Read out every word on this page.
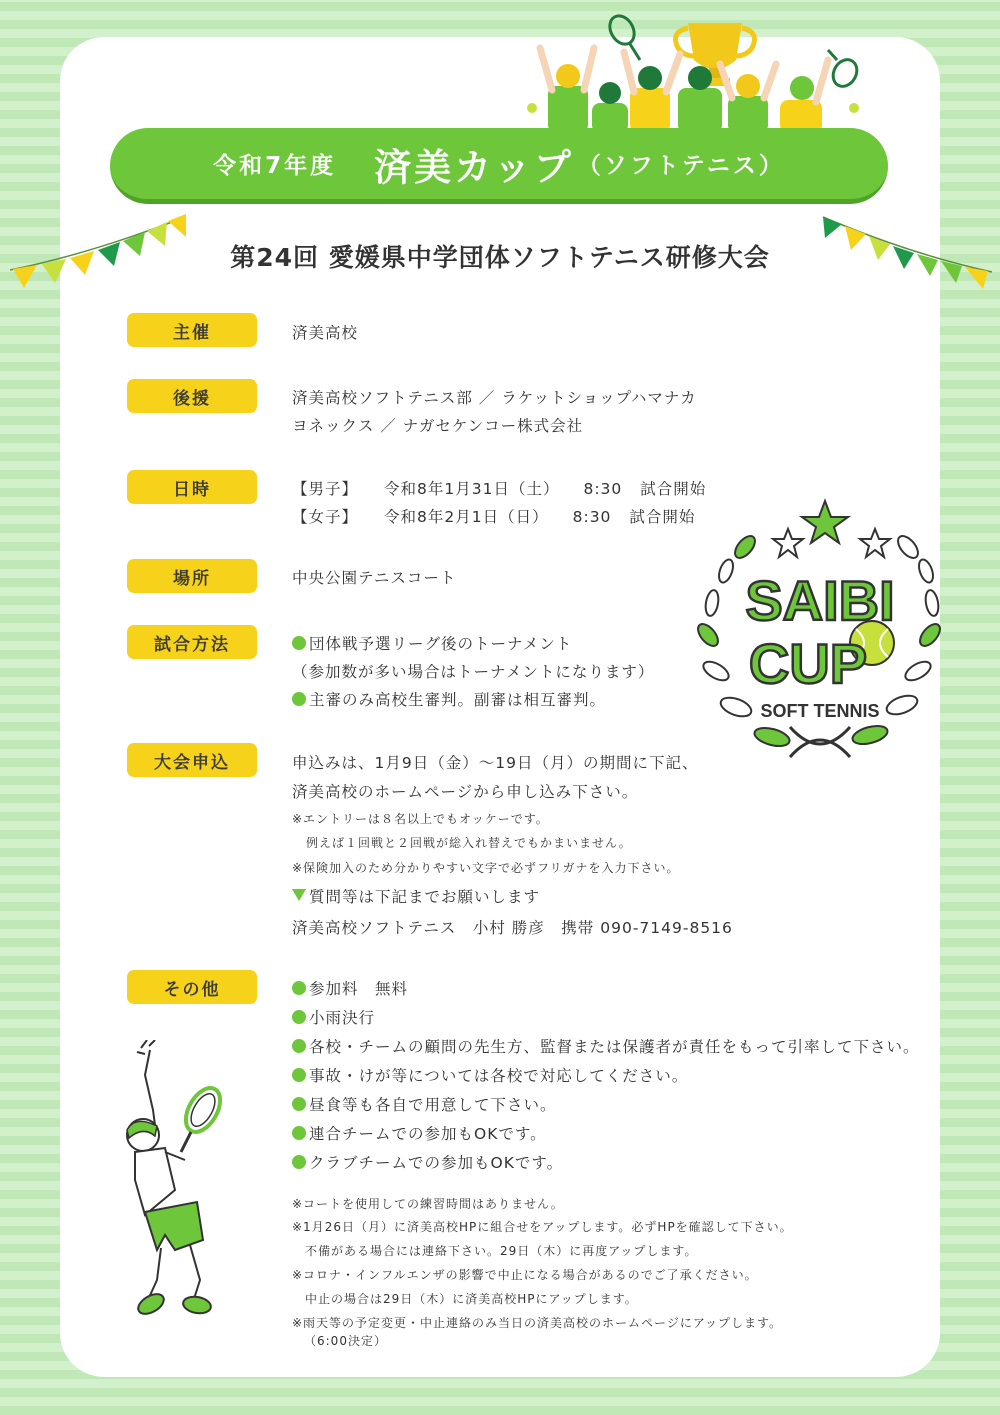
令和7年度 済美カップ （ソフトテニス）
第24回 愛媛県中学団体ソフトテニス研修大会
主催	済美高校
後援	済美高校ソフトテニス部 ／ ラケットショップハマナカ
ヨネックス ／ ナガセケンコー株式会社
日時	【男子】 令和8年1月31日（土） 8:30 試合開始
【女子】 令和8年2月1日（日） 8:30 試合開始
場所	中央公園テニスコート
試合方法	団体戦予選リーグ後のトーナメント
（参加数が多い場合はトーナメントになります）
主審のみ高校生審判。副審は相互審判。
大会申込	申込みは、1月9日（金）～19日（月）の期間に下記、
済美高校のホームページから申し込み下さい。
※エントリーは８名以上でもオッケーです。
例えば１回戦と２回戦が総入れ替えでもかまいません。
※保険加入のため分かりやすい文字で必ずフリガナを入力下さい。
質問等は下記までお願いします
済美高校ソフトテニス　小村 勝彦　携帯 090-7149-8516
その他	参加料　無料
小雨決行
各校・チームの顧問の先生方、監督または保護者が責任をもって引率して下さい。
事故・けが等については各校で対応してください。
昼食等も各自で用意して下さい。
連合チームでの参加もOKです。
クラブチームでの参加もOKです。
※コートを使用しての練習時間はありません。
※1月26日（月）に済美高校HPに組合せをアップします。必ずHPを確認して下さい。
　不備がある場合には連絡下さい。29日（木）に再度アップします。
※コロナ・インフルエンザの影響で中止になる場合があるのでご了承ください。
　中止の場合は29日（木）に済美高校HPにアップします。
※雨天等の予定変更・中止連絡のみ当日の済美高校のホームページにアップします。
（6:00決定）
SAIBI
CUP
SOFT TENNIS
